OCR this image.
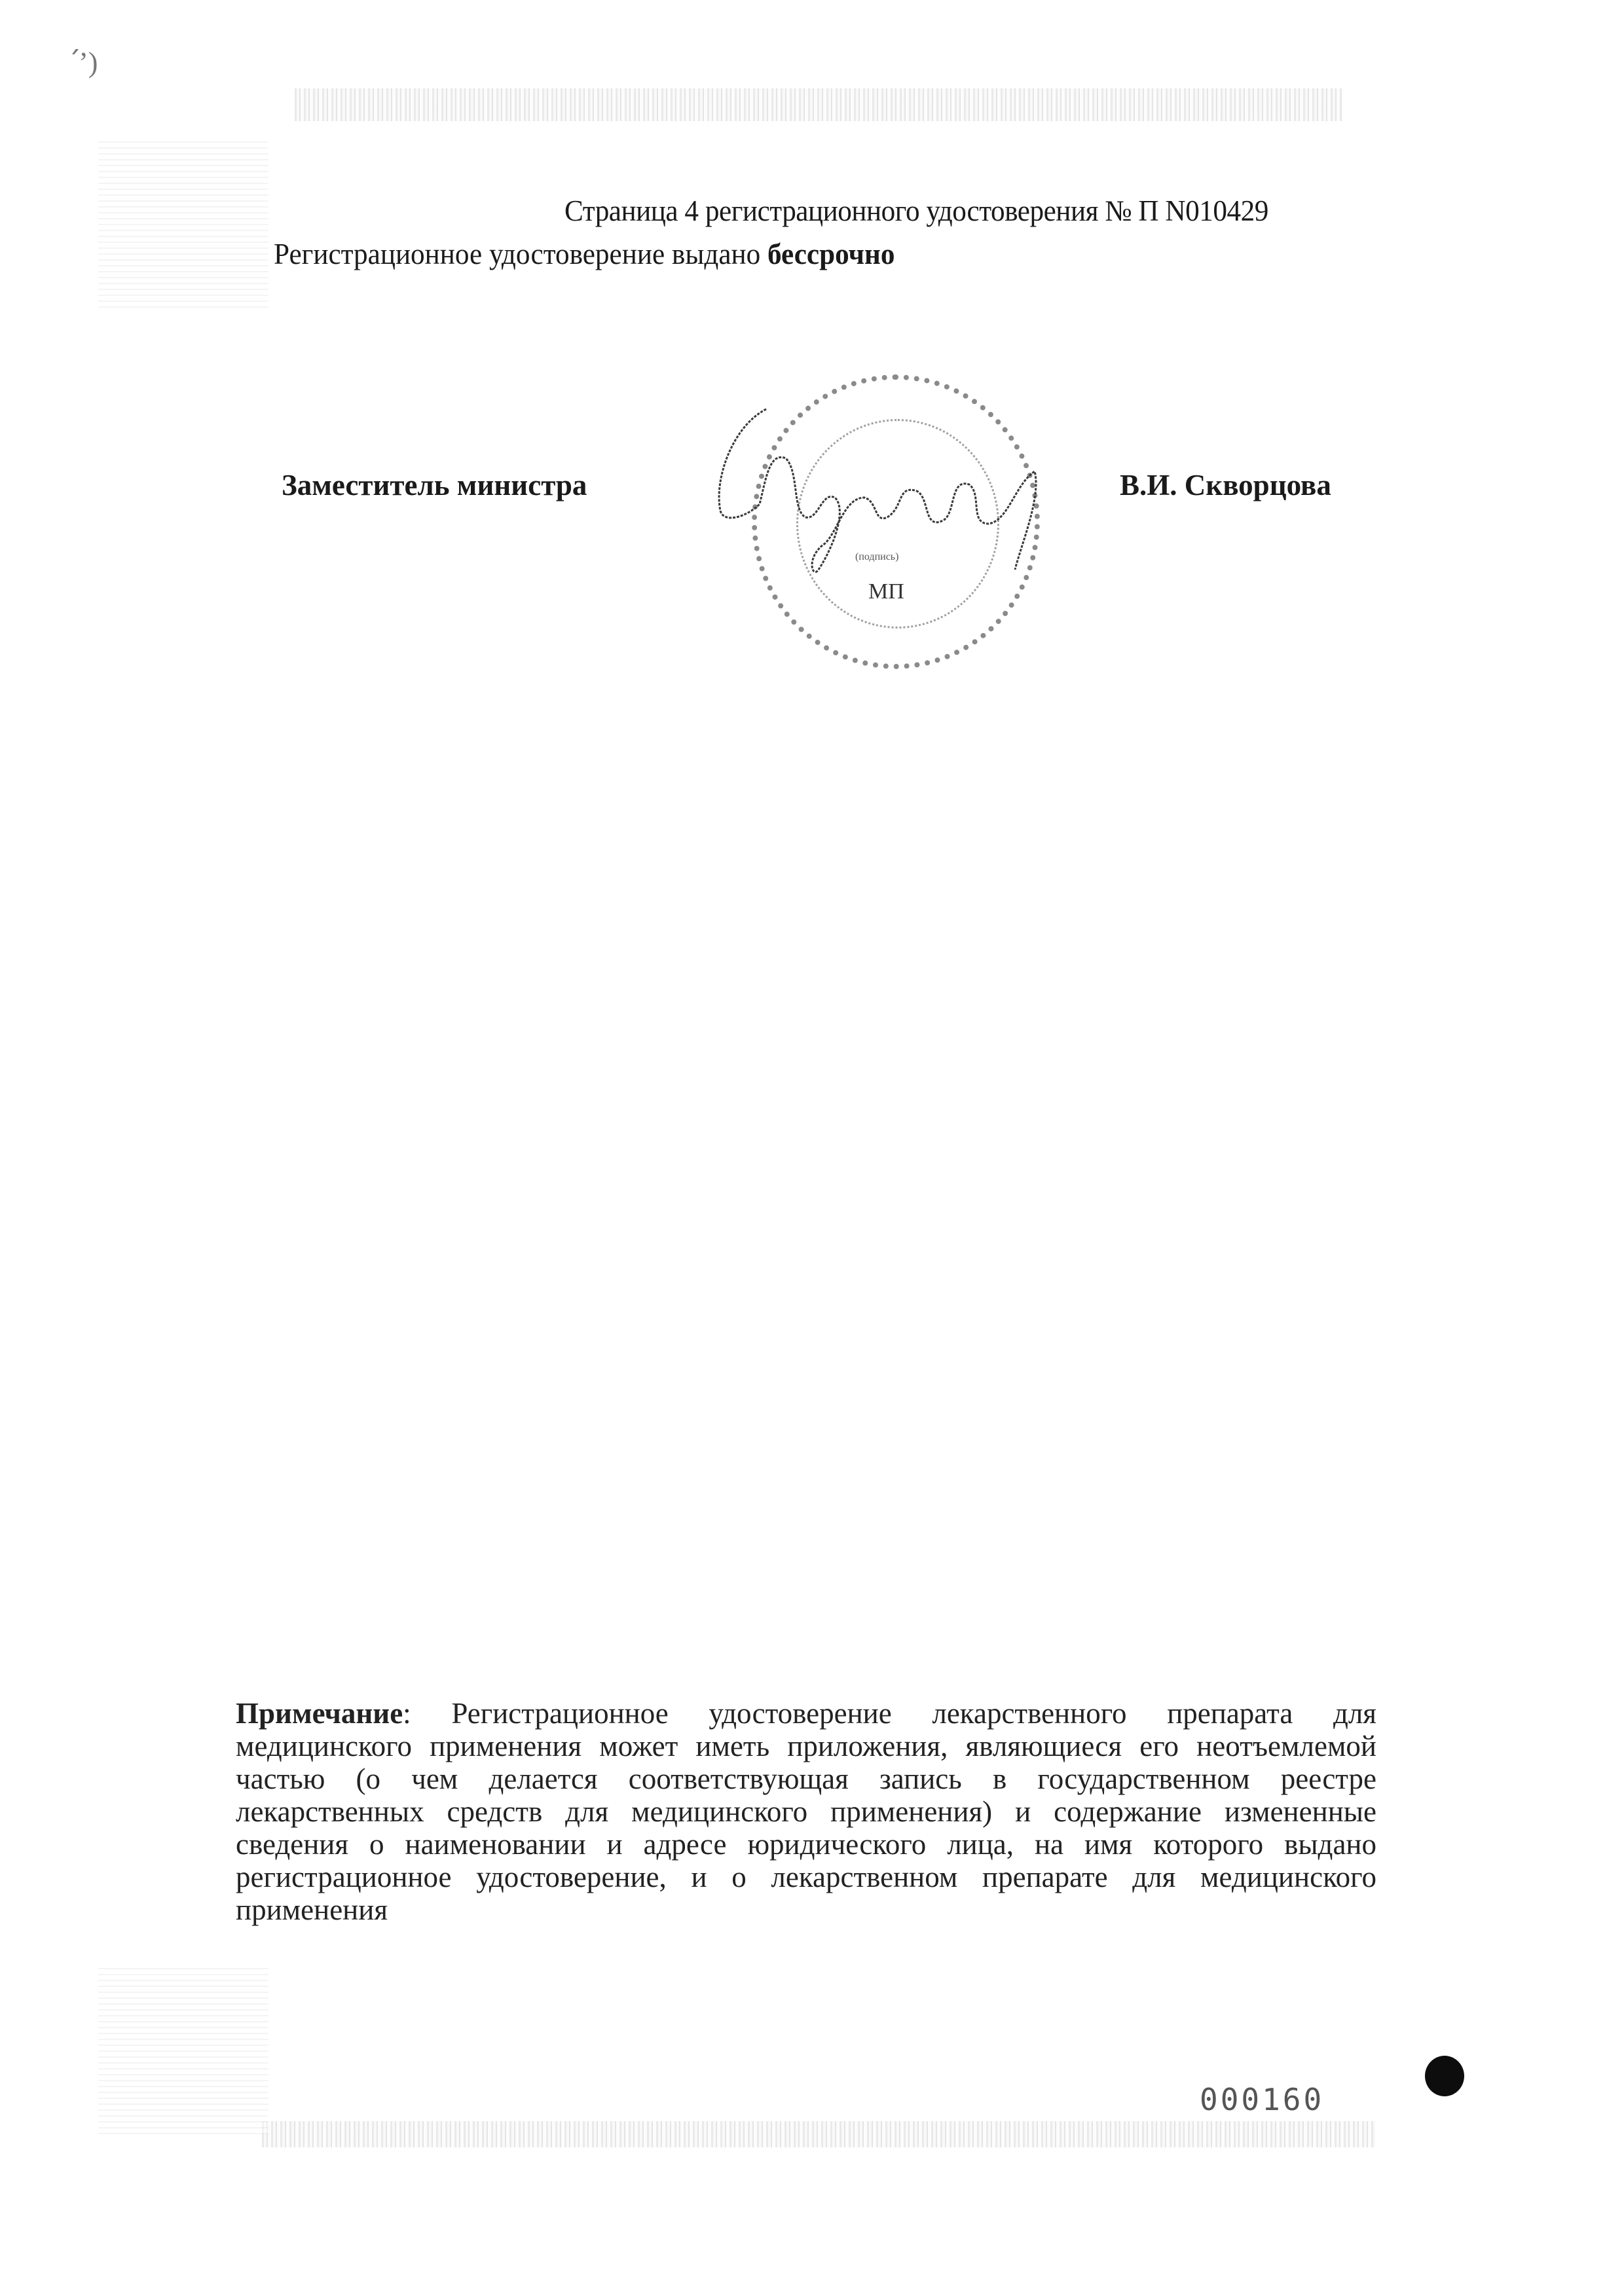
՛ʼ)
Страница 4 регистрационного удостоверения № П N010429
Регистрационное удостоверение выдано бессрочно
Заместитель министра
(подпись)
МП
В.И. Скворцова
Примечание: Регистрационное удостоверение лекарственного препарата для медицинского применения может иметь приложения, являющиеся его неотъемлемой частью (о чем делается соответствующая запись в государственном реестре лекарственных средств для медицинского применения) и содержание измененные сведения о наименовании и адресе юридического лица, на имя которого выдано регистрационное удостоверение, и о лекарственном препарате для медицинского применения
000160
